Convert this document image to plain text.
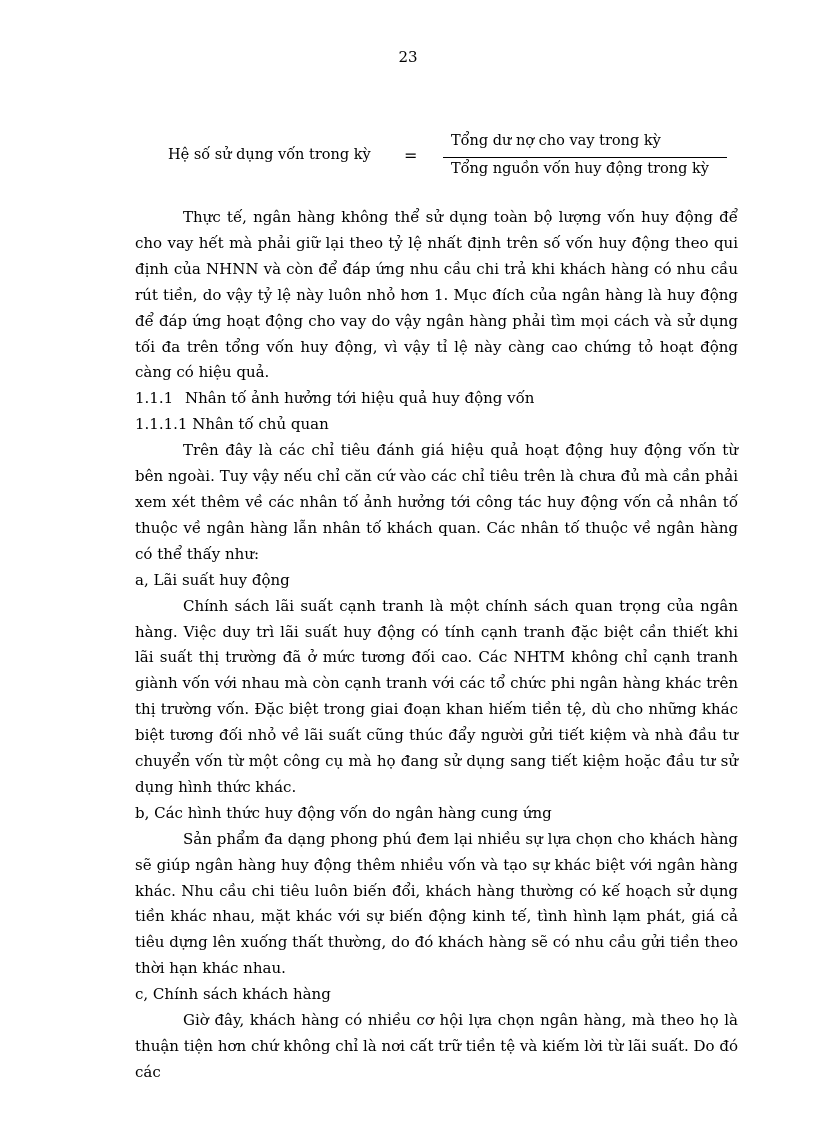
23
Hệ số sử dụng vốn trong kỳ =
Tổng dư nợ cho vay trong kỳ
Tổng nguồn vốn huy động trong kỳ

Thực tế, ngân hàng không thể sử dụng toàn bộ lượng vốn huy động để cho vay hết mà phải giữ lại theo tỷ lệ nhất định trên số vốn huy động theo qui định của NHNN và còn để đáp ứng nhu cầu chi trả khi khách hàng có nhu cầu rút tiền, do vậy tỷ lệ này luôn nhỏ hơn 1. Mục đích của ngân hàng là huy động để đáp ứng hoạt động cho vay do vậy ngân hàng phải tìm mọi cách và sử dụng tối đa trên tổng vốn huy động, vì vậy tỉ lệ này càng cao chứng tỏ hoạt động càng có hiệu quả.

1.1.1 Nhân tố ảnh hưởng tới hiệu quả huy động vốn

1.1.1.1 Nhân tố chủ quan

Trên đây là các chỉ tiêu đánh giá hiệu quả hoạt động huy động vốn từ bên ngoài. Tuy vậy nếu chỉ căn cứ vào các chỉ tiêu trên là chưa đủ mà cần phải xem xét thêm về các nhân tố ảnh hưởng tới công tác huy động vốn cả nhân tố thuộc về ngân hàng lẫn nhân tố khách quan. Các nhân tố thuộc về ngân hàng có thể thấy như:

a, Lãi suất huy động

Chính sách lãi suất cạnh tranh là một chính sách quan trọng của ngân hàng. Việc duy trì lãi suất huy động có tính cạnh tranh đặc biệt cần thiết khi lãi suất thị trường đã ở mức tương đối cao. Các NHTM không chỉ cạnh tranh giành vốn với nhau mà còn cạnh tranh với các tổ chức phi ngân hàng khác trên thị trường vốn. Đặc biệt trong giai đoạn khan hiếm tiền tệ, dù cho những khác biệt tương đối nhỏ về lãi suất cũng thúc đẩy người gửi tiết kiệm và nhà đầu tư chuyển vốn từ một công cụ mà họ đang sử dụng sang tiết kiệm hoặc đầu tư sử dụng hình thức khác.

b, Các hình thức huy động vốn do ngân hàng cung ứng

Sản phẩm đa dạng phong phú đem lại nhiều sự lựa chọn cho khách hàng sẽ giúp ngân hàng huy động thêm nhiều vốn và tạo sự khác biệt với ngân hàng khác. Nhu cầu chi tiêu luôn biến đổi, khách hàng thường có kế hoạch sử dụng tiền khác nhau, mặt khác với sự biến động kinh tế, tình hình lạm phát, giá cả tiêu dựng lên xuống thất thường, do đó khách hàng sẽ có nhu cầu gửi tiền theo thời hạn khác nhau.

c, Chính sách khách hàng

Giờ đây, khách hàng có nhiều cơ hội lựa chọn ngân hàng, mà theo họ là thuận tiện hơn chứ không chỉ là nơi cất trữ tiền tệ và kiếm lời từ lãi suất. Do đó các
